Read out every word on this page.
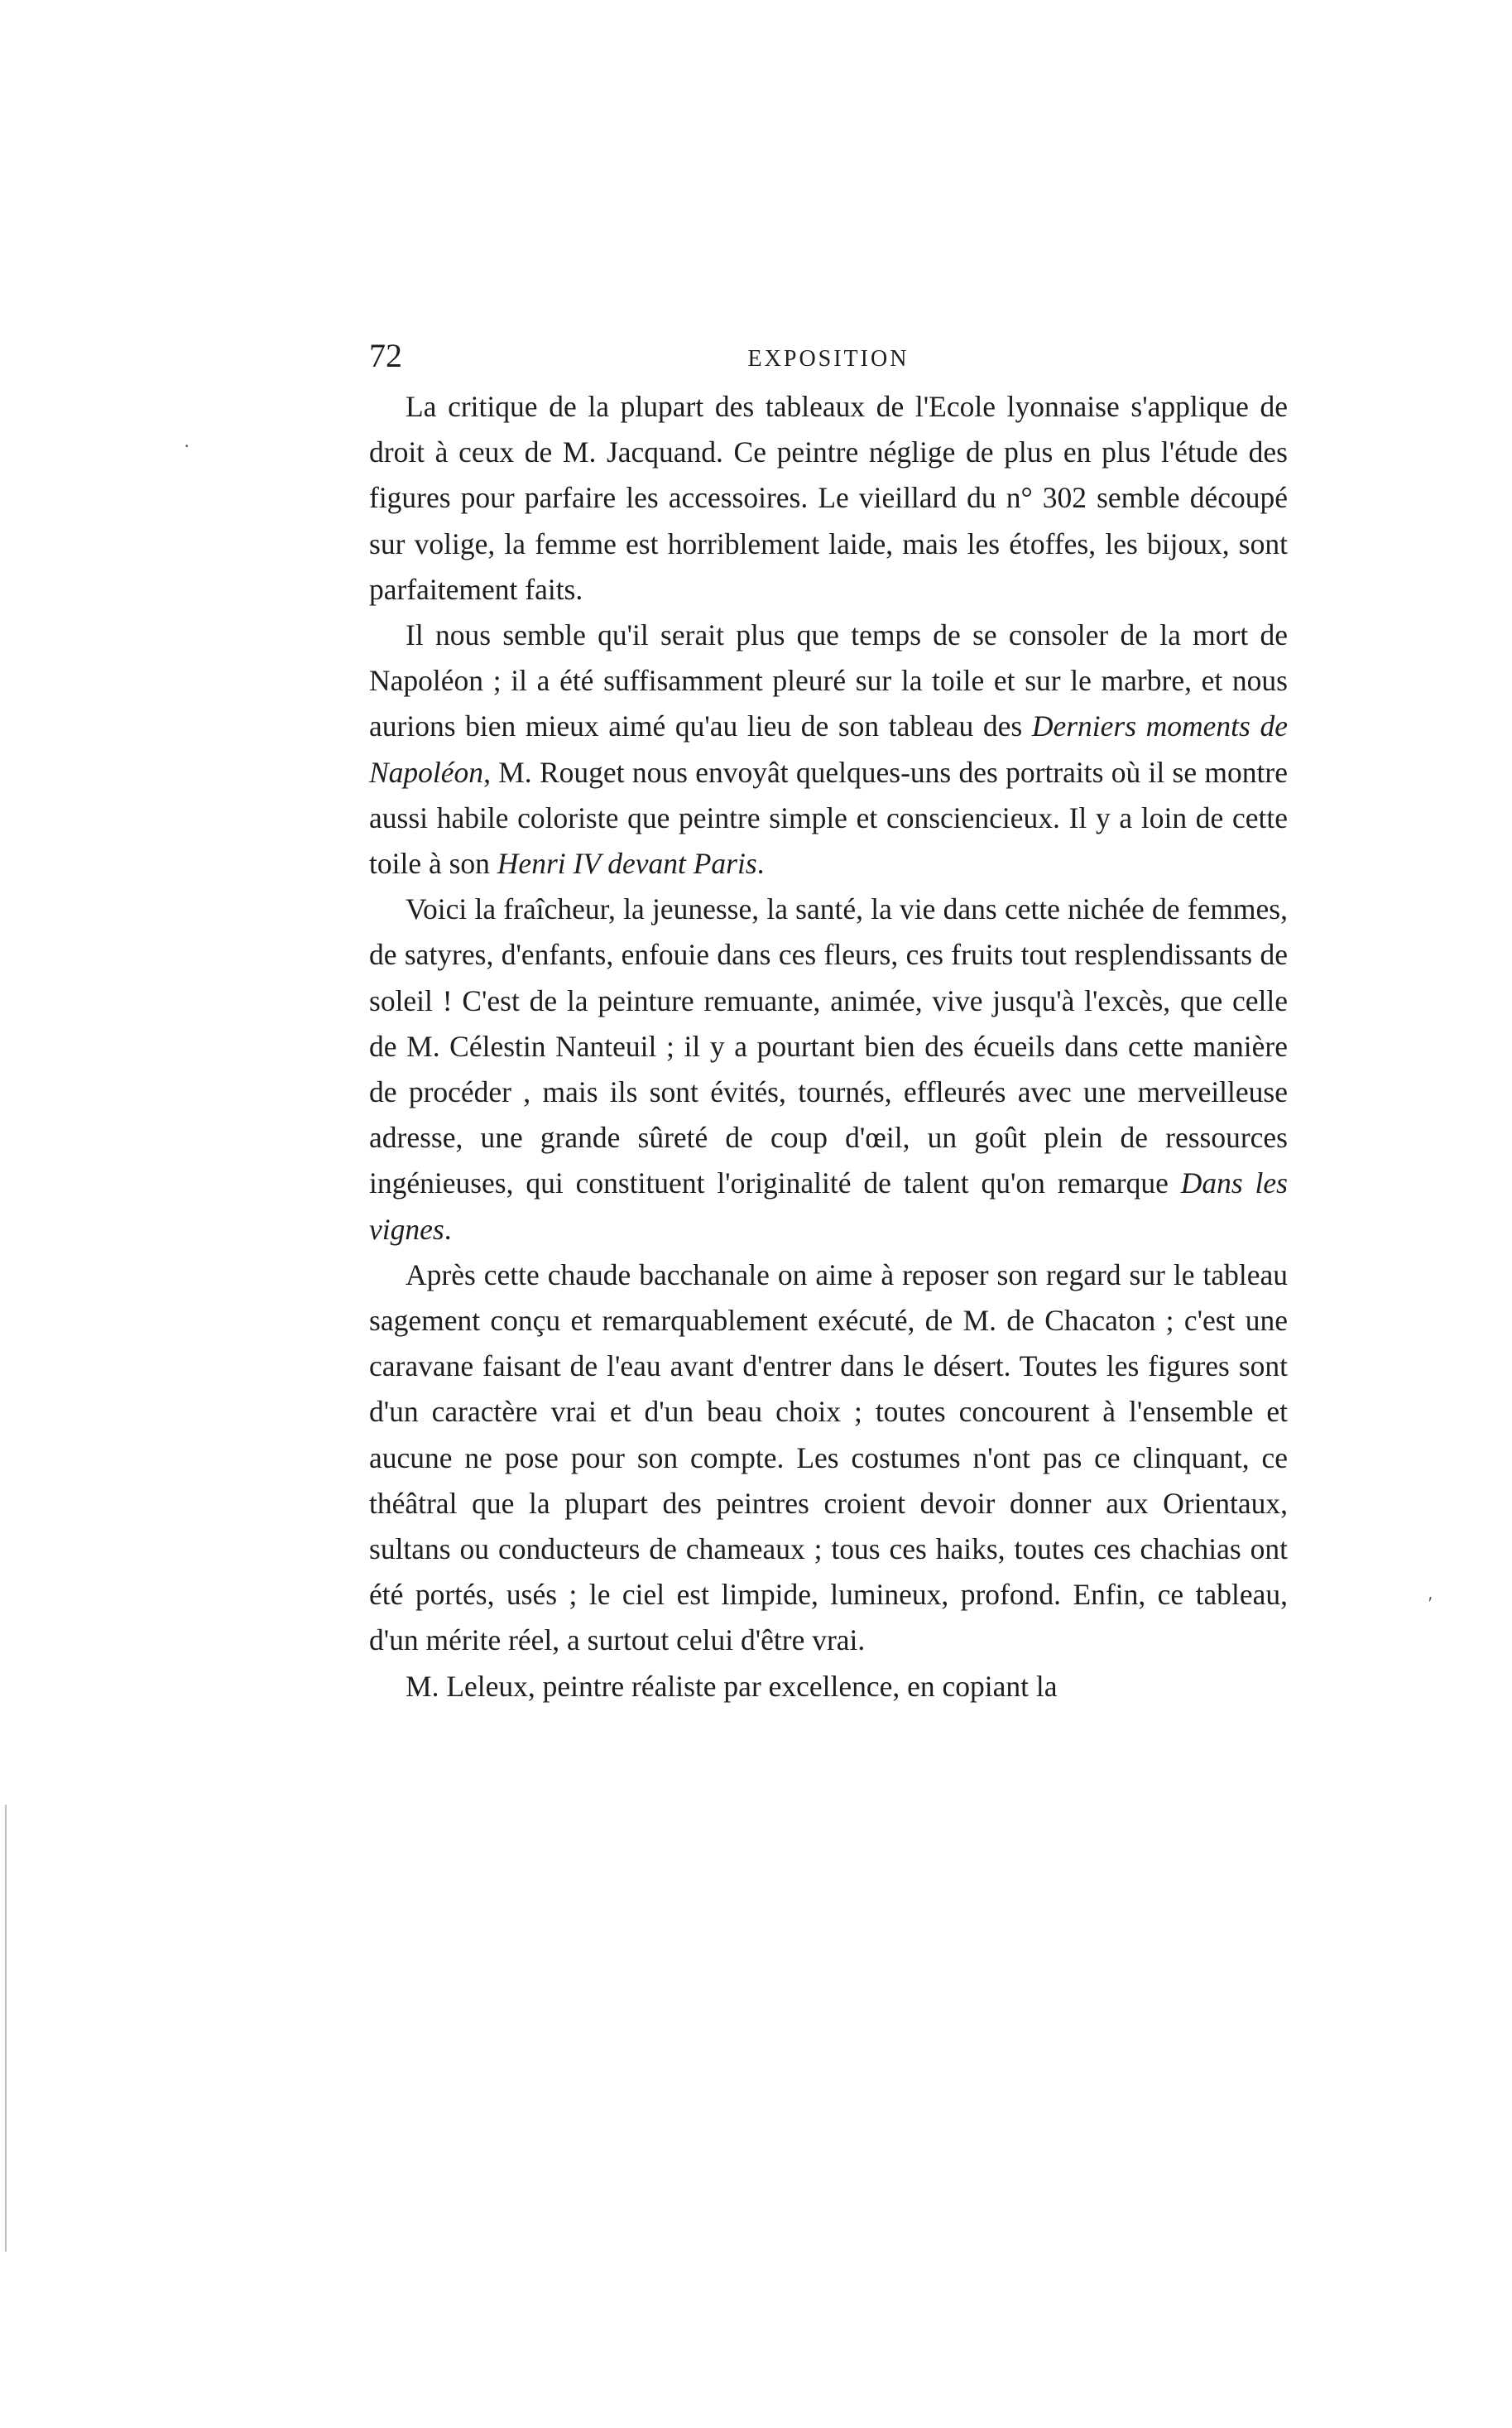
72	EXPOSITION

La critique de la plupart des tableaux de l'Ecole lyonnaise s'applique de droit à ceux de M. Jacquand. Ce peintre néglige de plus en plus l'étude des figures pour parfaire les accessoires. Le vieillard du n° 302 semble découpé sur volige, la femme est horriblement laide, mais les étoffes, les bijoux, sont parfaitement faits.

Il nous semble qu'il serait plus que temps de se consoler de la mort de Napoléon ; il a été suffisamment pleuré sur la toile et sur le marbre, et nous aurions bien mieux aimé qu'au lieu de son tableau des Derniers moments de Napoléon, M. Rouget nous envoyât quelques-uns des portraits où il se montre aussi habile coloriste que peintre simple et consciencieux. Il y a loin de cette toile à son Henri IV devant Paris.

Voici la fraîcheur, la jeunesse, la santé, la vie dans cette nichée de femmes, de satyres, d'enfants, enfouie dans ces fleurs, ces fruits tout resplendissants de soleil ! C'est de la peinture remuante, animée, vive jusqu'à l'excès, que celle de M. Célestin Nanteuil ; il y a pourtant bien des écueils dans cette manière de procéder , mais ils sont évités, tournés, effleurés avec une merveilleuse adresse, une grande sûreté de coup d'œil, un goût plein de ressources ingénieuses, qui constituent l'originalité de talent qu'on remarque Dans les vignes.

Après cette chaude bacchanale on aime à reposer son regard sur le tableau sagement conçu et remarquablement exécuté, de M. de Chacaton ; c'est une caravane faisant de l'eau avant d'entrer dans le désert. Toutes les figures sont d'un caractère vrai et d'un beau choix ; toutes concourent à l'ensemble et aucune ne pose pour son compte. Les costumes n'ont pas ce clinquant, ce théâtral que la plupart des peintres croient devoir donner aux Orientaux, sultans ou conducteurs de chameaux ; tous ces haiks, toutes ces chachias ont été portés, usés ; le ciel est limpide, lumineux, profond. Enfin, ce tableau, d'un mérite réel, a surtout celui d'être vrai.

M. Leleux, peintre réaliste par excellence, en copiant la

·
ʹ
